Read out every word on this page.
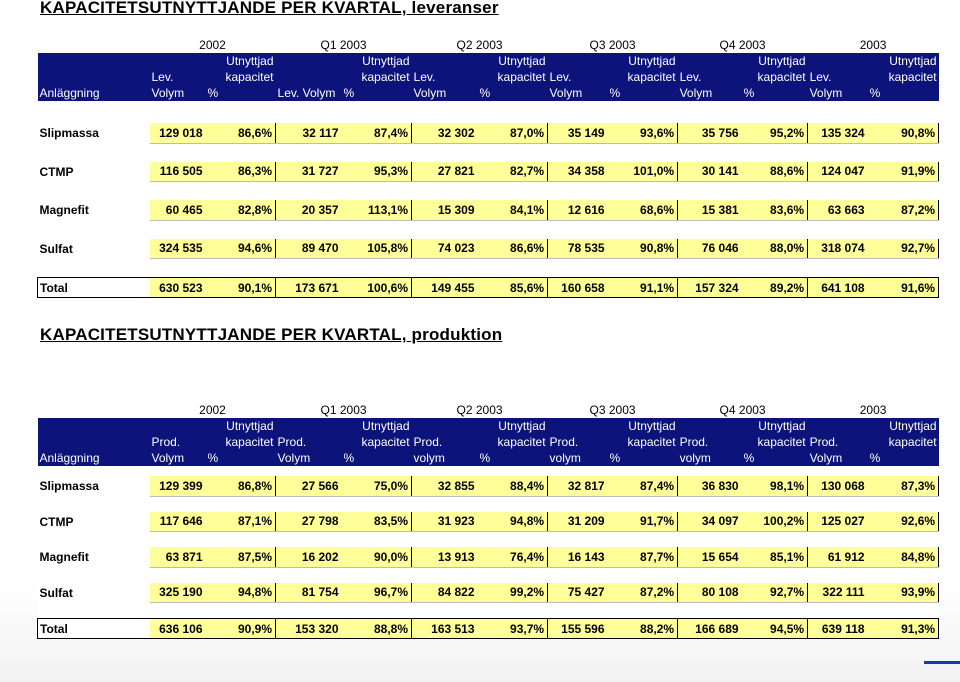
KAPACITETSUTNYTTJANDE PER KVARTAL, leveranser
	2002		Q1 2003		Q2 2003		Q3 2003		Q4 2003		2003	
		Utnyttjad		Utnyttjad		Utnyttjad		Utnyttjad		Utnyttjad		Utnyttjad
	Lev.	kapacitet		kapacitet	Lev.	kapacitet	Lev.	kapacitet	Lev.	kapacitet	Lev.	kapacitet
Anläggning	Volym	%	Lev. Volym	%	Volym	%	Volym	%	Volym	%	Volym	%

Slipmassa	129 018	86,6%	32 117	87,4%	32 302	87,0%	35 149	93,6%	35 756	95,2%	135 324	90,8%

CTMP	116 505	86,3%	31 727	95,3%	27 821	82,7%	34 358	101,0%	30 141	88,6%	124 047	91,9%

Magnefit	60 465	82,8%	20 357	113,1%	15 309	84,1%	12 616	68,6%	15 381	83,6%	63 663	87,2%

Sulfat	324 535	94,6%	89 470	105,8%	74 023	86,6%	78 535	90,8%	76 046	88,0%	318 074	92,7%

Total	630 523	90,1%	173 671	100,6%	149 455	85,6%	160 658	91,1%	157 324	89,2%	641 108	91,6%
KAPACITETSUTNYTTJANDE PER KVARTAL, produktion
	2002		Q1 2003		Q2 2003		Q3 2003		Q4 2003		2003	
		Utnyttjad		Utnyttjad		Utnyttjad		Utnyttjad		Utnyttjad		Utnyttjad
	Prod.	kapacitet	Prod.	kapacitet	Prod.	kapacitet	Prod.	kapacitet	Prod.	kapacitet	Prod.	kapacitet
Anläggning	Volym	%	Volym	%	volym	%	volym	%	volym	%	Volym	%

Slipmassa	129 399	86,8%	27 566	75,0%	32 855	88,4%	32 817	87,4%	36 830	98,1%	130 068	87,3%

CTMP	117 646	87,1%	27 798	83,5%	31 923	94,8%	31 209	91,7%	34 097	100,2%	125 027	92,6%

Magnefit	63 871	87,5%	16 202	90,0%	13 913	76,4%	16 143	87,7%	15 654	85,1%	61 912	84,8%

Sulfat	325 190	94,8%	81 754	96,7%	84 822	99,2%	75 427	87,2%	80 108	92,7%	322 111	93,9%

Total	636 106	90,9%	153 320	88,8%	163 513	93,7%	155 596	88,2%	166 689	94,5%	639 118	91,3%
